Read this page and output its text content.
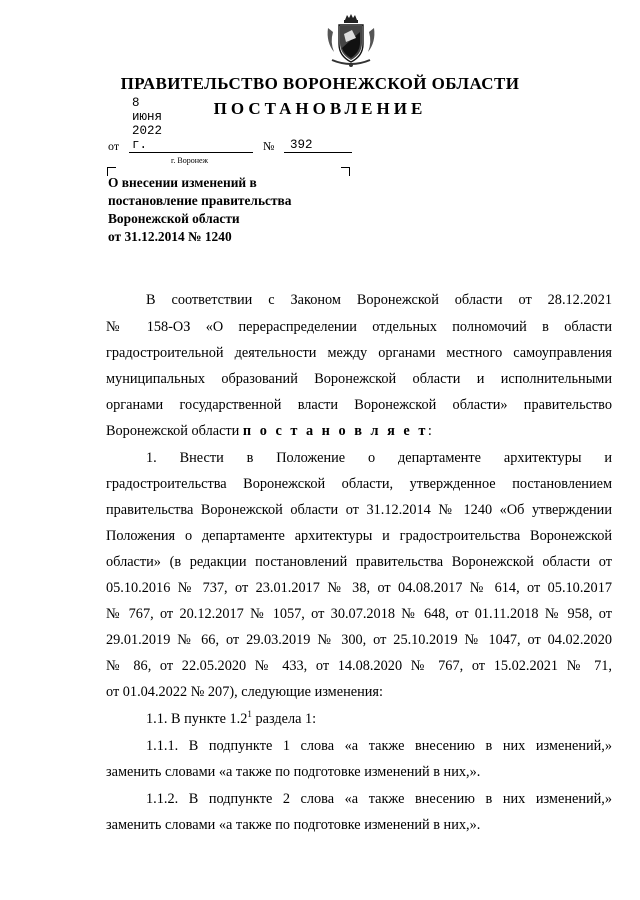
ПРАВИТЕЛЬСТВО ВОРОНЕЖСКОЙ ОБЛАСТИ
ПОСТАНОВЛЕНИЕ
от
8 июня 2022 г.	№ 392
г. Воронеж
О внесении изменений в
постановление правительства
Воронежской области
от 31.12.2014 № 1240
В соответствии с Законом Воронежской области от 28.12.2021
№ 158-ОЗ «О перераспределении отдельных полномочий в области
градостроительной деятельности между органами местного самоуправления
муниципальных образований Воронежской области и исполнительными
органами государственной власти Воронежской области» правительство
Воронежской области п о с т а н о в л я е т:
1. Внести в Положение о департаменте архитектуры и
градостроительства Воронежской области, утвержденное постановлением
правительства Воронежской области от 31.12.2014 № 1240 «Об утверждении
Положения о департаменте архитектуры и градостроительства Воронежской
области» (в редакции постановлений правительства Воронежской области от
05.10.2016 № 737, от 23.01.2017 № 38, от 04.08.2017 № 614, от 05.10.2017
№ 767, от 20.12.2017 № 1057, от 30.07.2018 № 648, от 01.11.2018 № 958, от
29.01.2019 № 66, от 29.03.2019 № 300, от 25.10.2019 № 1047, от 04.02.2020
№ 86, от 22.05.2020 № 433, от 14.08.2020 № 767, от 15.02.2021 № 71,
от 01.04.2022 № 207), следующие изменения:
1.1. В пункте $1.2^1$ раздела 1:
1.1.1. В подпункте 1 слова «а также внесению в них изменений,»
заменить словами «а также по подготовке изменений в них,».
1.1.2. В подпункте 2 слова «а также внесению в них изменений,»
заменить словами «а также по подготовке изменений в них,».
